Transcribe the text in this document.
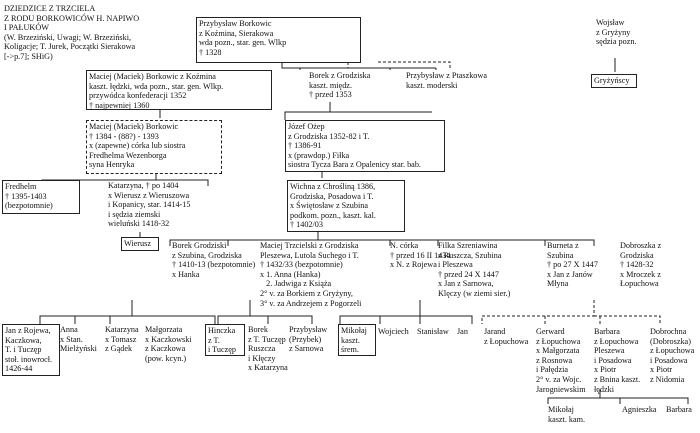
DZIEDZICE Z TRZCIELA
Z RODU BORKOWICÓW H. NAPIWO
I PAŁUKÓW
(W. Brzeziński, Uwagi; W. Brzeziński,
Koligacje; T. Jurek, Początki Sierakowa
[->p.7]; SHiG)
Przybysław Borkowic
z Koźmina, Sierakowa
wda pozn., star. gen. Wlkp
† 1328
Wojsław
z Gryżyny
sędzia pozn.
Gryżyńscy
Maciej (Maciek) Borkowic z Koźmina
kaszt. łędzki, wda pozn., star. gen. Wlkp.
przywódca konfederacji 1352
† najpewniej 1360
Borek z Grodziska
kaszt. międz.
† przed 1353
Przybysław z Ptaszkowa
kaszt. moderski
Maciej (Maciek) Borkowic
† 1384 - (88?) - 1393
x (zapewne) córka lub siostra
Fredhelma Wezenborga
syna Henryka
Józef Ożep
z Grodziska 1352-82 i T.
† 1386-91
x (prawdop.) Fiłka
siostra Tycza Bara z Opalenicy star. bab.
Fredhelm
† 1395-1403
(bezpotomnie)
Katarzyna, † po 1404
x Wierusz z Wieruszowa
i Kopanicy, star. 1414-15
i sędzia ziemski
wieluński 1418-32
Wierusz
Wichna z Chrośliną 1386,
Grodziska, Posadowa i T.
x Świętosław z Szubina
podkom. pozn., kaszt. kal.
† 1402/03
Borek Grodziski
z Szubina, Grodziska
† 1410-13 (bezpotomnie)
x Hanka
Maciej Trzcielski z Grodziska
Pleszewa, Lutola Suchego i T.
† 1432/33 (bezpotomnie)
x 1. Anna (Hanka)
2. Jadwiga z Książa
2° v. za Borkiem z Gryżyny,
3° v. za Andrzejem z Pogorzeli
N. córka
† przed 16 II 1434
x N. z Rojewa
Filka Szreniawina
z Ruszcza, Szubina
i Pleszewa
† przed 24 X 1447
x Jan z Sarnowa,
Klęczy (w ziemi sier.)
Burneta z
Szubina
† po 27 X 1447
x Jan z Janów
Młyna
Dobroszka z
Grodziska
† 1428-32
x Mroczek z
Łopuchowa
Jan z Rojewa,
Kaczkowa,
T. i Tuczęp
stoł. inowrocł.
1426-44
Anna
x Stan.
Mielżyński
Katarzyna
x Tomasz
z Gądek
Małgorzata
x Kaczkowski
z Kaczkowa
(pow. kcyn.)
Hinczka
z T.
i Tuczęp
Borek
z T. Tuczęp
Ruszcza
i Kłęczy
x Katarzyna
Przybysław
(Przybek)
z Sarnowa
Mikołaj
kaszt.
śrem.
Wojciech	Stanisław Jan	Jarand
z Łopuchowa
Gerward
z Łopuchowa
x Małgorzata
z Rosnowa
i Pałędzia
2° v. za Wojc.
Jarogniewskim
Barbara
z Łopuchowa
Pleszewa
i Posadowa
x Piotr
z Bnina kaszt.
łędzki
Dobrochna
(Dobroszka)
z Łopuchowa
i Posadowa
x Piotr
z Nidomia
Mikołaj
kaszt. kam.
Agnieszka	Barbara
